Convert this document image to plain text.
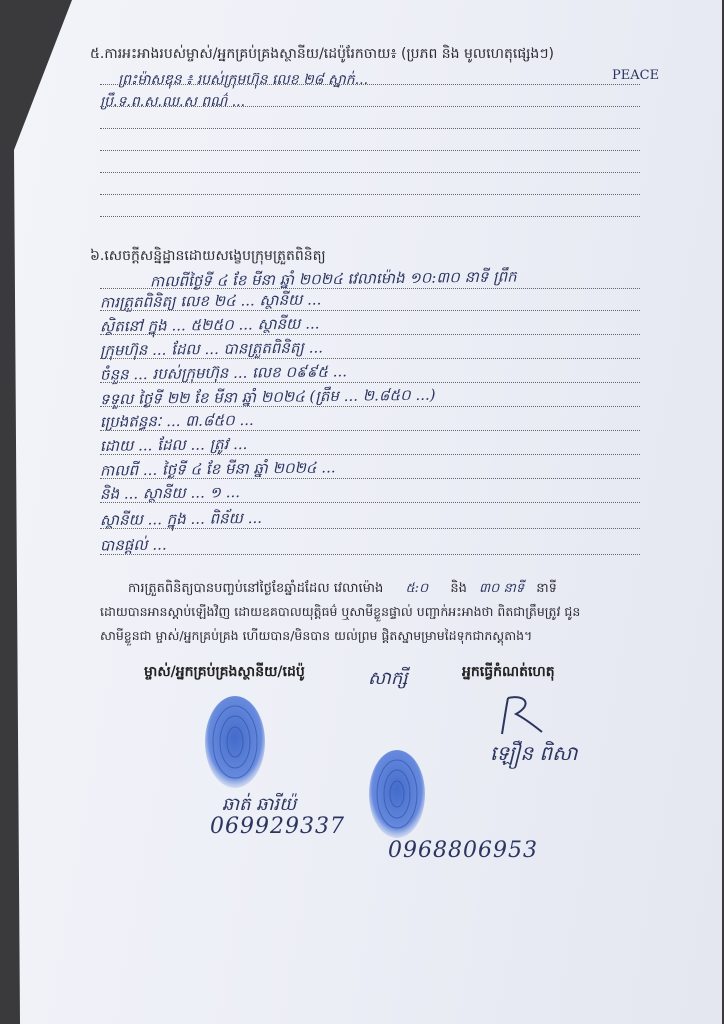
៥.ការអះអាងរបស់ម្ចាស់/អ្នកគ្រប់គ្រងស្ថានីយ/ដេប៉ូរែកចាយ៖ (ប្រភព និង មូលហេតុផ្សេងៗ)
ព្រះម៉ាសឌុន ៖ របស់ក្រុមហ៊ុន លេខ ២៨ ស្នាក់...	PEACE
ប្រឹ.ទ.ព.ស.ឈ.ស ពណ៌ ...
៦.សេចក្តីសន្និដ្ឋានដោយសង្ខេបក្រុមត្រួតពិនិត្យ
កាលពីថ្ងៃទី ៤ ខែ មីនា ឆ្នាំ ២០២៤ វេលាម៉ោង ១០:៣០ នាទី ព្រឹក
ការត្រួតពិនិត្យ លេខ ២៤ ... ស្ថានីយ ...
ស្ថិតនៅ ក្នុង ... ៥២៥០ ... ស្ថានីយ ...
ក្រុមហ៊ុន ... ដែល ... បានត្រួតពិនិត្យ ...
ចំនួន ... របស់ក្រុមហ៊ុន ... លេខ ០៩៩៥ ...
ទទួល ថ្ងៃទី ២២ ខែ មីនា ឆ្នាំ ២០២៤ (ត្រឹម ... ២.៨៥០ ...)
ប្រេងឥន្ធនៈ ... ៣.៨៥០ ...
ដោយ ... ដែល ... ត្រូវ ...
កាលពី ... ថ្ងៃទី ៤ ខែ មីនា ឆ្នាំ ២០២៤ ...
និង ... ស្ថានីយ ... ១ ...
ស្ថានីយ ... ក្នុង ... ពិន័យ ...
បានផ្តល់ ...
ការត្រួតពិនិត្យបានបញ្ចប់នៅថ្ងៃខែឆ្នាំដដែល វេលាម៉ោង ៥:០ និង ៣០ នាទី នាទី
ដោយបានអានស្តាប់ឡើងវិញ ដោយឧគបាលយុត្តិធម៌ ឬសាមីខ្លួនផ្ទាល់ បញ្ជាក់អះអាងថា ពិតជាត្រឹមត្រូវ ជូន
សាមីខ្លួនជា ម្ចាស់/អ្នកគ្រប់គ្រង ហើយបាន/មិនបាន យល់ព្រម ផ្តិតស្នាមម្រាមដៃទុកជាភស្តុតាង។
ម្ចាស់/អ្នកគ្រប់គ្រងស្ថានីយ/ដេប៉ូ	សាក្សី	អ្នកធ្វើកំណត់ហេតុ
ឡឿន ពិសា
ឆាត់ ឆារីយ៉
069929337
0968806953
